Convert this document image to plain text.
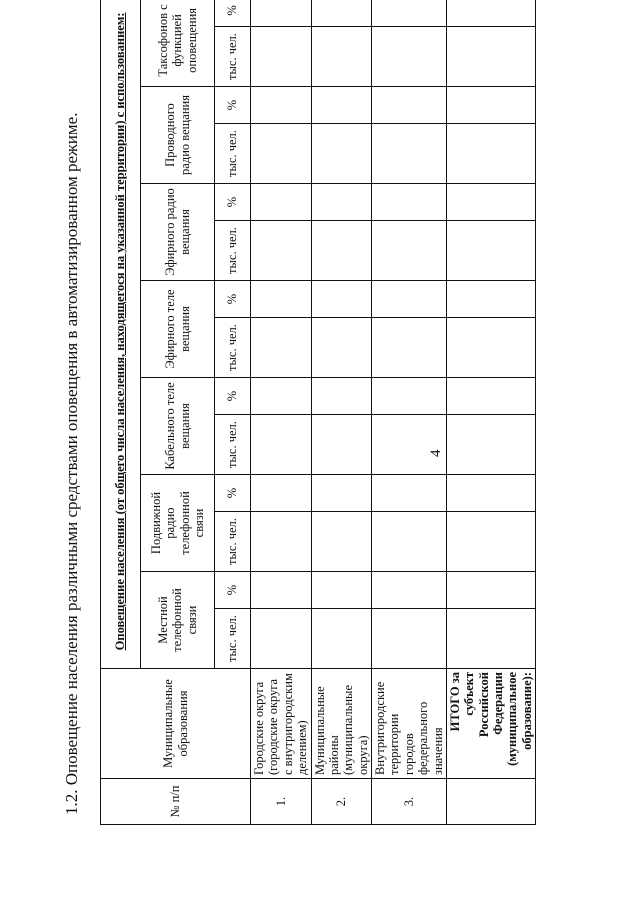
4
1.2. Оповещение населения различными средствами оповещения в автоматизированном режиме.	№ п/п	Муниципальные образования	Оповещение населения (от общего числа населения, находящегося на указанной территории) с использованием:													
		Местной телефонной связи		Подвижной радио телефонной связи		Кабельного теле вещания		Эфирного теле вещания		Эфирного радио вещания		Проводного радио вещания		Таксофонов с функцией оповещения	
		тыс. чел.	%	тыс. чел.	%	тыс. чел.	%	тыс. чел.	%	тыс. чел.	%	тыс. чел.	%	тыс. чел.	%
1.	Городские округа (городские округа с внутригородским делением)														
2.	Муниципальные районы (муниципальные округа)														
3.	Внутригородские территории городов федерального значения														
	ИТОГО за субъект Российской Федерации (муниципальное образование):														
